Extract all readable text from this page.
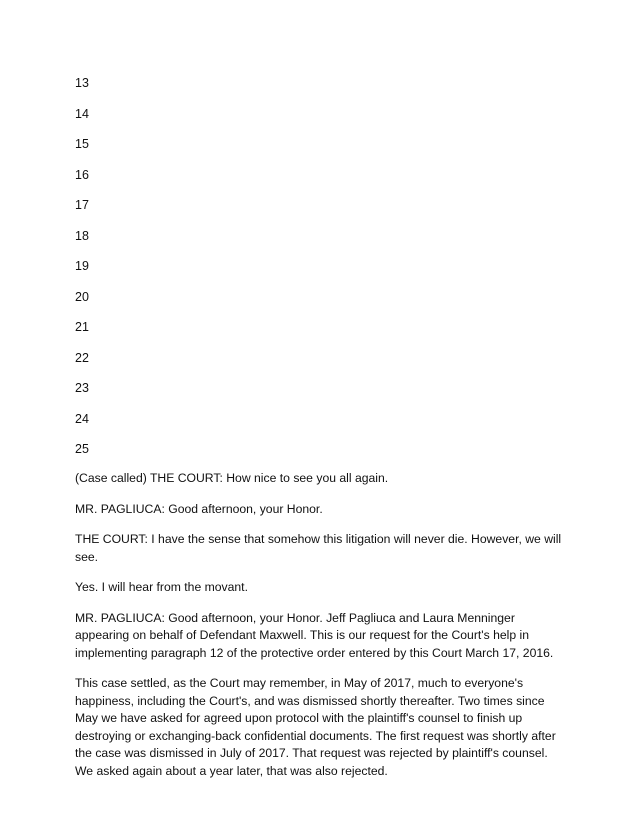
13
14
15
16
17
18
19
20
21
22
23
24
25

(Case called) THE COURT: How nice to see you all again.

MR. PAGLIUCA: Good afternoon, your Honor.

THE COURT: I have the sense that somehow this litigation will never die. However, we will see.

Yes. I will hear from the movant.

MR. PAGLIUCA: Good afternoon, your Honor. Jeff Pagliuca and Laura Menninger appearing on behalf of Defendant Maxwell. This is our request for the Court's help in implementing paragraph 12 of the protective order entered by this Court March 17, 2016.

This case settled, as the Court may remember, in May of 2017, much to everyone's happiness, including the Court's, and was dismissed shortly thereafter. Two times since May we have asked for agreed upon protocol with the plaintiff's counsel to finish up destroying or exchanging-back confidential documents. The first request was shortly after the case was dismissed in July of 2017. That request was rejected by plaintiff's counsel. We asked again about a year later, that was also rejected.
